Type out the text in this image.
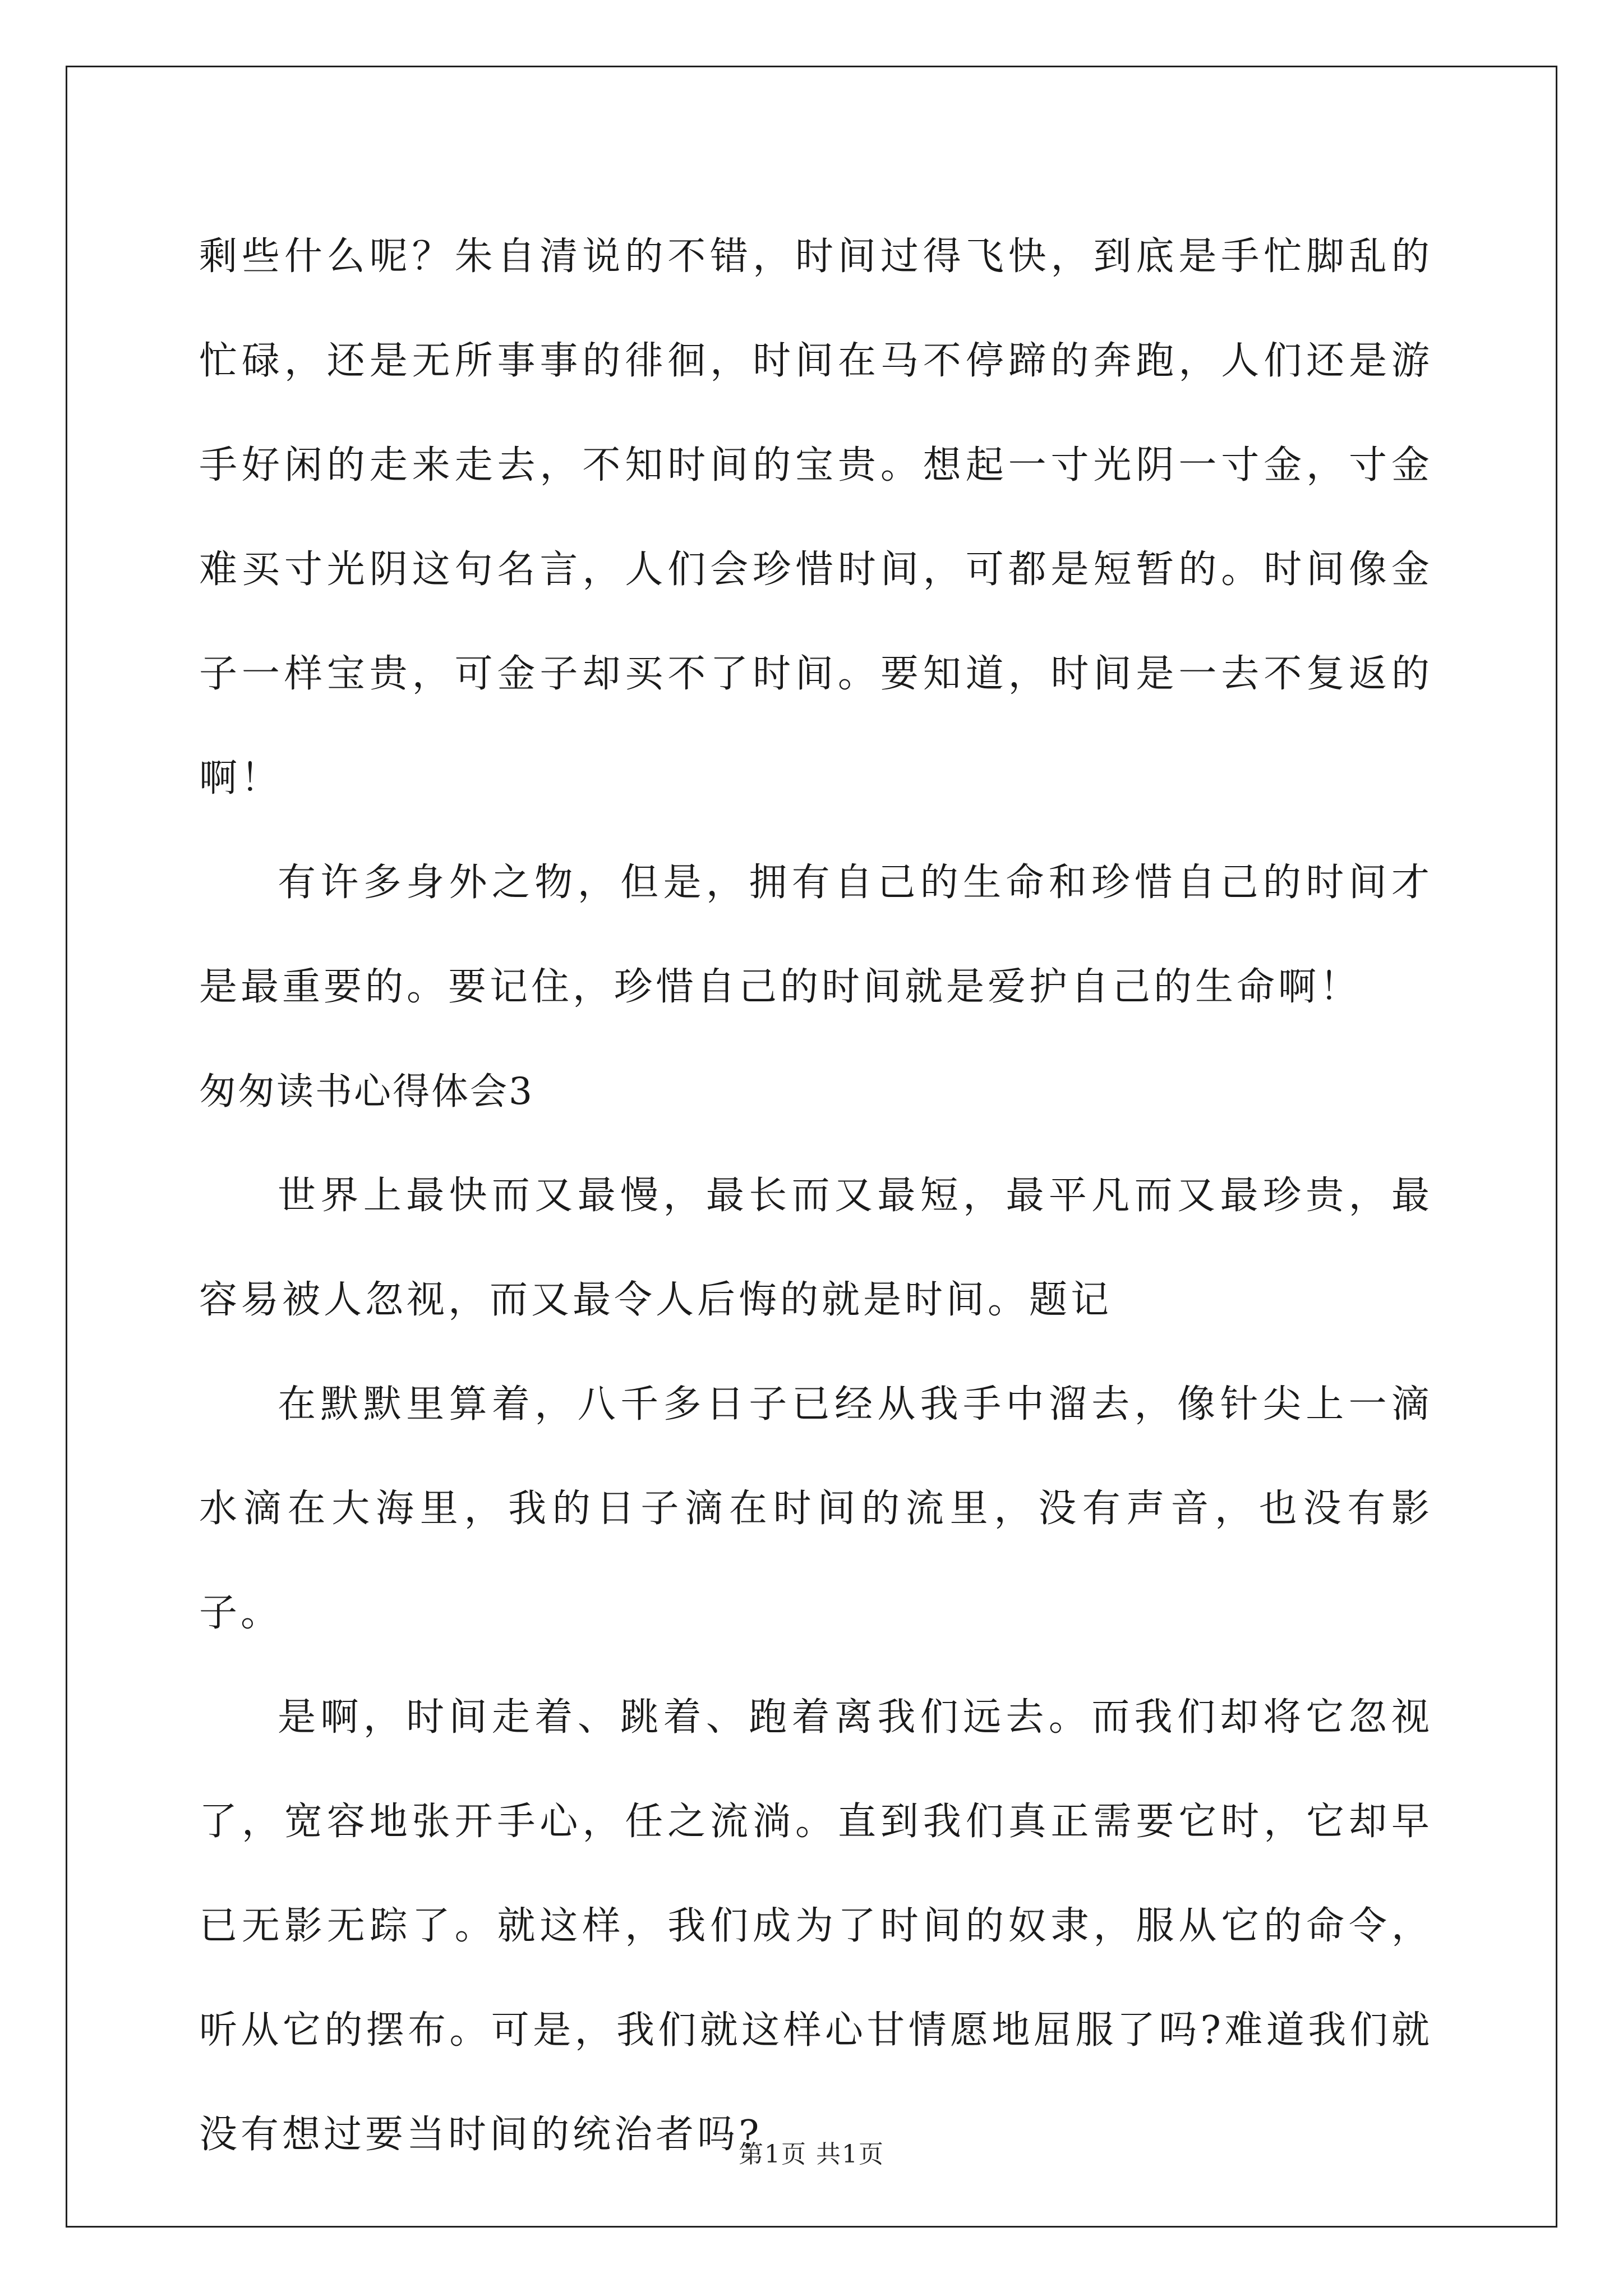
剩些什么呢？朱自清说的不错，时间过得飞快，到底是手忙脚乱的忙碌，还是无所事事的徘徊，时间在马不停蹄的奔跑，人们还是游手好闲的走来走去，不知时间的宝贵。想起一寸光阴一寸金，寸金难买寸光阴这句名言，人们会珍惜时间，可都是短暂的。时间像金子一样宝贵，可金子却买不了时间。要知道，时间是一去不复返的啊！

有许多身外之物，但是，拥有自己的生命和珍惜自己的时间才是最重要的。要记住，珍惜自己的时间就是爱护自己的生命啊！

匆匆读书心得体会3

世界上最快而又最慢，最长而又最短，最平凡而又最珍贵，最容易被人忽视，而又最令人后悔的就是时间。题记

在默默里算着，八千多日子已经从我手中溜去，像针尖上一滴水滴在大海里，我的日子滴在时间的流里，没有声音，也没有影子。

是啊，时间走着、跳着、跑着离我们远去。而我们却将它忽视了，宽容地张开手心，任之流淌。直到我们真正需要它时，它却早已无影无踪了。就这样，我们成为了时间的奴隶，服从它的命令，听从它的摆布。可是，我们就这样心甘情愿地屈服了吗?难道我们就没有想过要当时间的统治者吗?

第1页 共1页
